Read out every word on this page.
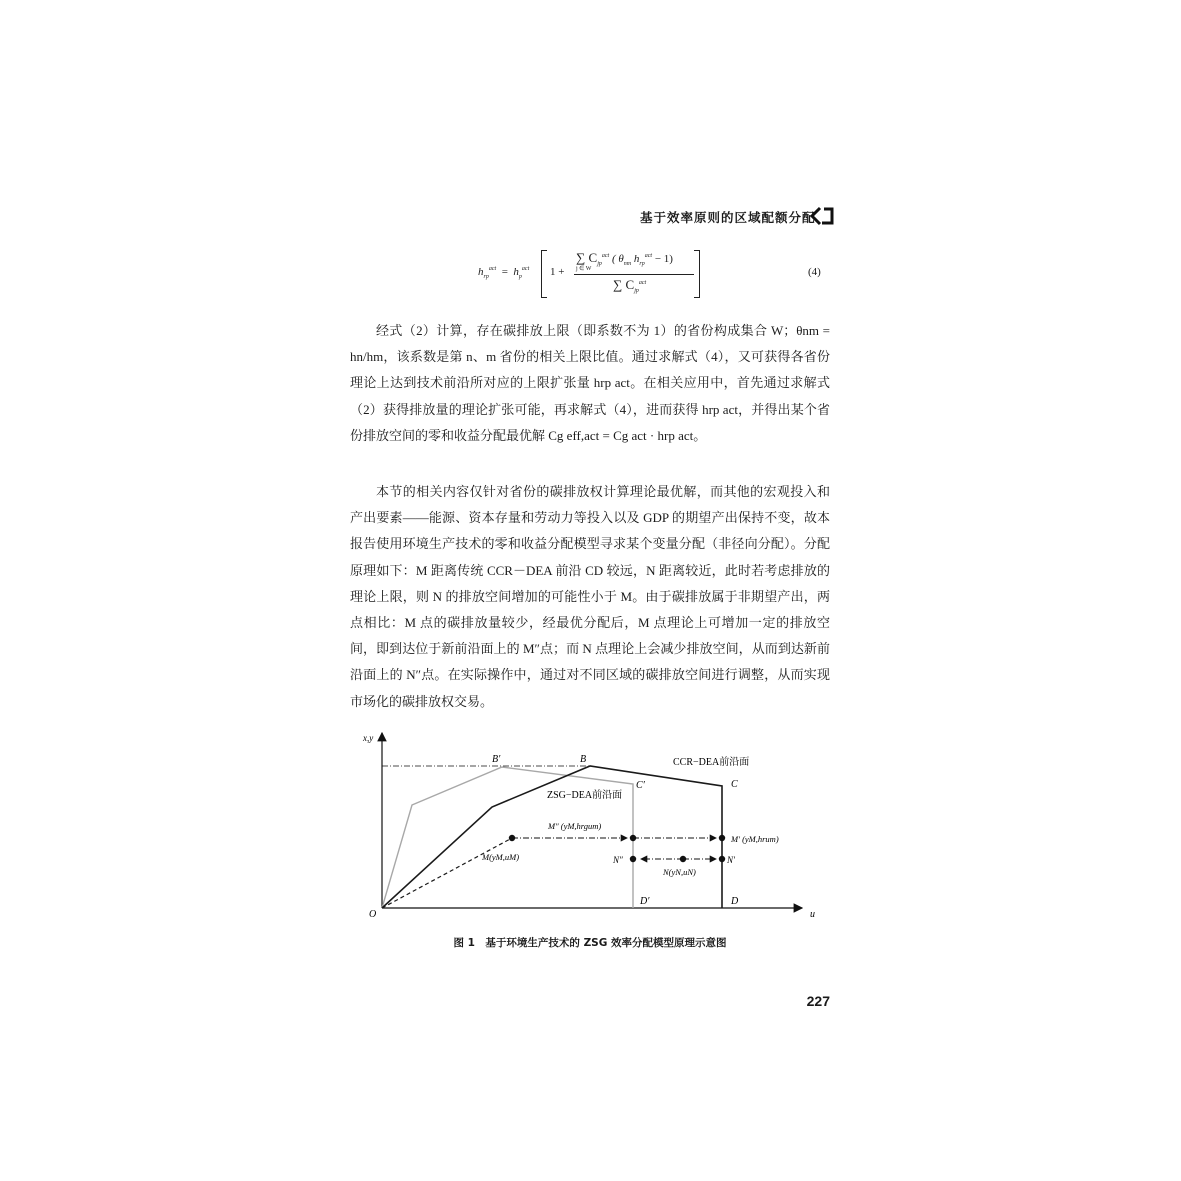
基于效率原则的区域配额分配
$h_{rp}^{act} = h_p^{act}$ 1 +
∑ $C_{jp}^{act}$ ( $\theta_{nm}$ $h_{rp}^{act} - 1$)
$^{j \in W}$
∑ $C_{jp}^{act}$
(4)

经式（2）计算，存在碳排放上限（即系数不为 1）的省份构成集合 W；θnm = hn/hm，该系数是第 n、m 省份的相关上限比值。通过求解式（4），又可获得各省份理论上达到技术前沿所对应的上限扩张量 hrp act。在相关应用中，首先通过求解式（2）获得排放量的理论扩张可能，再求解式（4），进而获得 hrp act，并得出某个省份排放空间的零和收益分配最优解 Cg eff,act = Cg act · hrp act。

本节的相关内容仅针对省份的碳排放权计算理论最优解，而其他的宏观投入和产出要素——能源、资本存量和劳动力等投入以及 GDP 的期望产出保持不变，故本报告使用环境生产技术的零和收益分配模型寻求某个变量分配（非径向分配）。分配原理如下：M 距离传统 CCR－DEA 前沿 CD 较远，N 距离较近，此时若考虑排放的理论上限，则 N 的排放空间增加的可能性小于 M。由于碳排放属于非期望产出，两点相比：M 点的碳排放量较少，经最优分配后，M 点理论上可增加一定的排放空间，即到达位于新前沿面上的 M″点；而 N 点理论上会减少排放空间，从而到达新前沿面上的 N″点。在实际操作中，通过对不同区域的碳排放空间进行调整，从而实现市场化的碳排放权交易。

x,y
u
O
B′	B
C′	C
CCR−DEA前沿面
ZSG−DEA前沿面
M″ (yM,hrgum)
M′ (yM,hrum)
M(yM,uM)	N″	N′
N(yN,uN)
D′	D
图 1　基于环境生产技术的 ZSG 效率分配模型原理示意图
227
